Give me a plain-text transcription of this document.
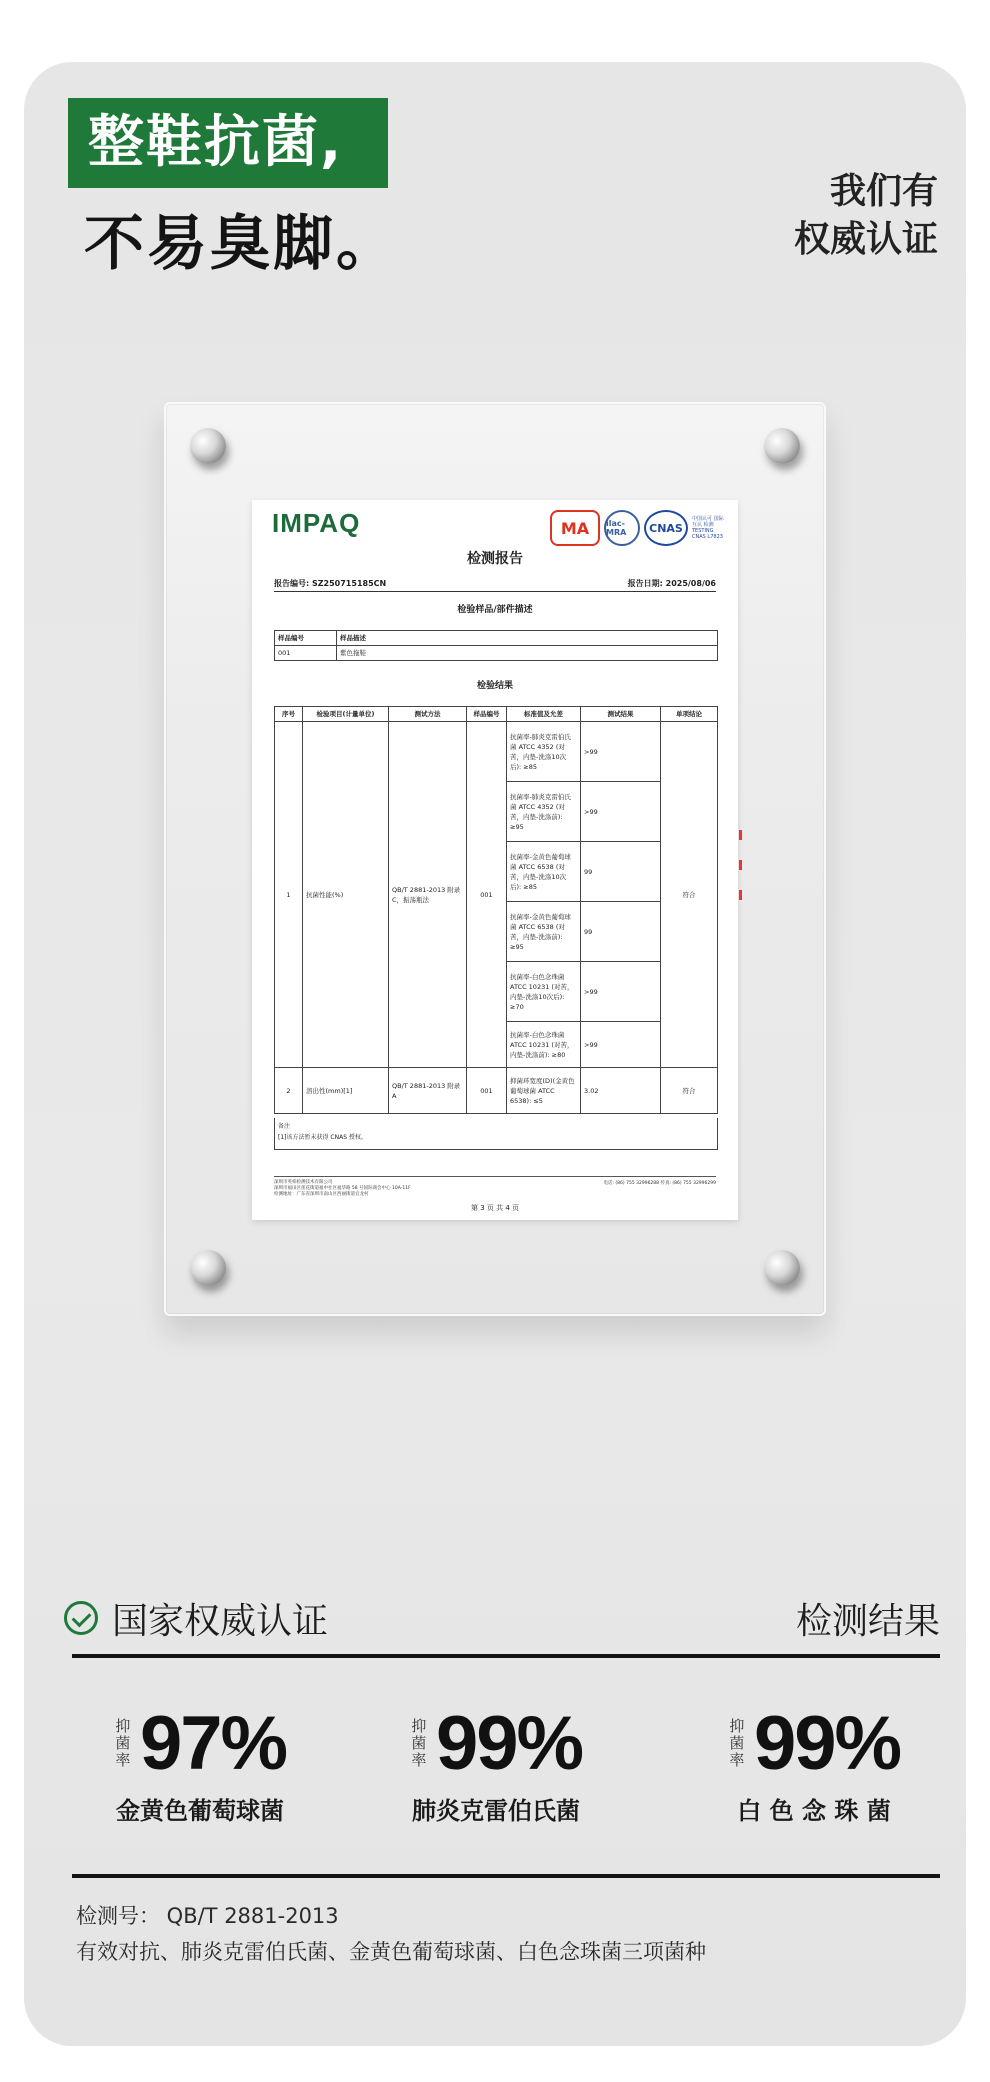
整鞋抗菌,
不易臭脚。
我们有
权威认证
IMPAQ	MA	ilac-MRA	CNAS
中国认可 国际互认 检测 TESTING CNAS L7823
检测报告
报告编号: SZ250715185CN	报告日期: 2025/08/06
检验样品/部件描述
样品编号	样品描述
001	紫色拖鞋
检验结果
序号	检验项目(计量单位)	测试方法	样品编号	标准值及允差	测试结果	单项结论
1	抗菌性能(%)	QB/T 2881-2013 附录C，振荡瓶法	001	抗菌率-肺炎克雷伯氏菌 ATCC 4352 (对苦，内垫-洗涤10次后): ≥85	>99	符合
				抗菌率-肺炎克雷伯氏菌 ATCC 4352 (对苦，内垫-洗涤前): ≥95	>99	
				抗菌率-金黄色葡萄球菌 ATCC 6538 (对苦，内垫-洗涤10次后): ≥85	99	
				抗菌率-金黄色葡萄球菌 ATCC 6538 (对苦，内垫-洗涤前): ≥95	99	
				抗菌率-白色念珠菌 ATCC 10231 (对苦，内垫-洗涤10次后): ≥70	>99	
				抗菌率-白色念珠菌 ATCC 10231 (对苦，内垫-洗涤前): ≥80	>99	
2	溶出性(mm)[1]	QB/T 2881-2013 附录A	001	抑菌环宽度(D)(金黄色葡萄球菌 ATCC 6538): ≤5	3.02	符合
备注
[1]该方法暂未获得 CNAS 授权。
深圳市英柏检测技术有限公司
深圳市福田区莲花街道福中社区福华路 58 号国际商会中心 10A-11F
检测地址：广东省深圳市南山区西丽街道官龙村
电话: (86) 755 32996288 传真: (86) 755 32996299
第 3 页 共 4 页
国家权威认证	检测结果
抑菌率 97%
金黄色葡萄球菌
抑菌率 99%
肺炎克雷伯氏菌
抑菌率 99%
白 色 念 珠 菌
检测号： QB/T 2881-2013
有效对抗、肺炎克雷伯氏菌、金黄色葡萄球菌、白色念珠菌三项菌种
